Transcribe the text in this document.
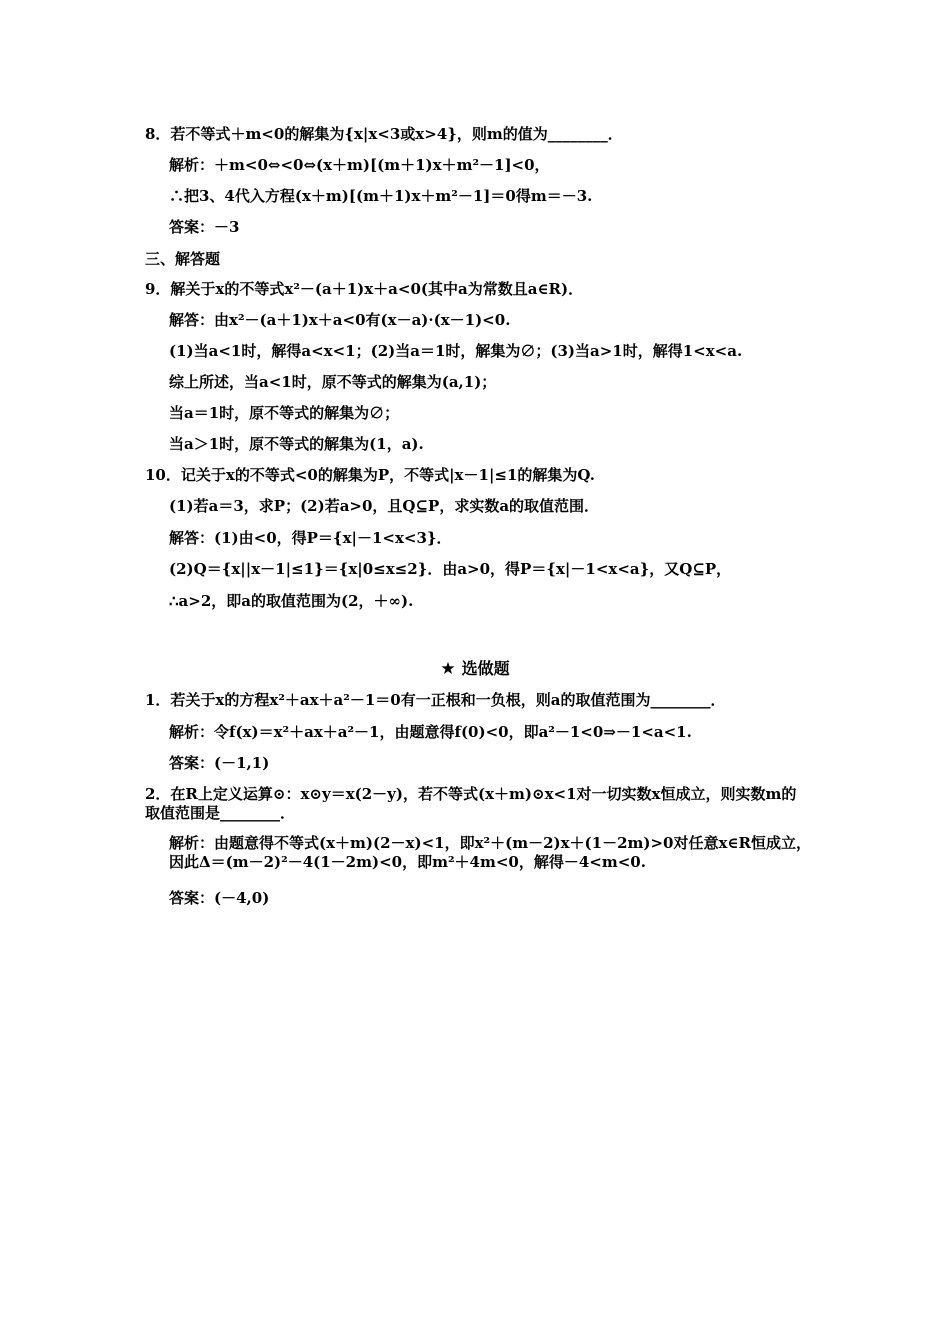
8．若不等式＋m<0的解集为{x|x<3或x>4}，则m的值为________．
解析：＋m<0⇔<0⇔(x＋m)[(m＋1)x＋m²－1]<0，
∴把3、4代入方程(x＋m)[(m＋1)x＋m²－1]＝0得m＝－3.
答案：－3
三、解答题
9．解关于x的不等式x²－(a＋1)x＋a<0(其中a为常数且a∈R)．
解答：由x²－(a＋1)x＋a<0有(x－a)·(x－1)<0.
(1)当a<1时，解得a<x<1；(2)当a＝1时，解集为∅；(3)当a>1时，解得1<x<a.
综上所述，当a<1时，原不等式的解集为(a,1)；
当a＝1时，原不等式的解集为∅；
当a＞1时，原不等式的解集为(1，a).
10．记关于x的不等式<0的解集为P，不等式|x－1|≤1的解集为Q.
(1)若a＝3，求P；(2)若a>0，且Q⊆P，求实数a的取值范围．
解答：(1)由<0，得P＝{x|－1<x<3}．
(2)Q＝{x||x－1|≤1}＝{x|0≤x≤2}．由a>0，得P＝{x|－1<x<a}，又Q⊆P，
∴a>2，即a的取值范围为(2，＋∞).
★ 选做题
1．若关于x的方程x²＋ax＋a²－1＝0有一正根和一负根，则a的取值范围为________．
解析：令f(x)＝x²＋ax＋a²－1，由题意得f(0)<0，即a²－1<0⇒－1<a<1.
答案：(－1,1)
2．在R上定义运算⊙：x⊙y＝x(2－y)，若不等式(x＋m)⊙x<1对一切实数x恒成立，则实数m的取值范围是________．
解析：由题意得不等式(x＋m)(2－x)<1，即x²＋(m－2)x＋(1－2m)>0对任意x∈R恒成立，因此Δ＝(m－2)²－4(1－2m)<0，即m²＋4m<0，解得－4<m<0.
答案：(－4,0)
